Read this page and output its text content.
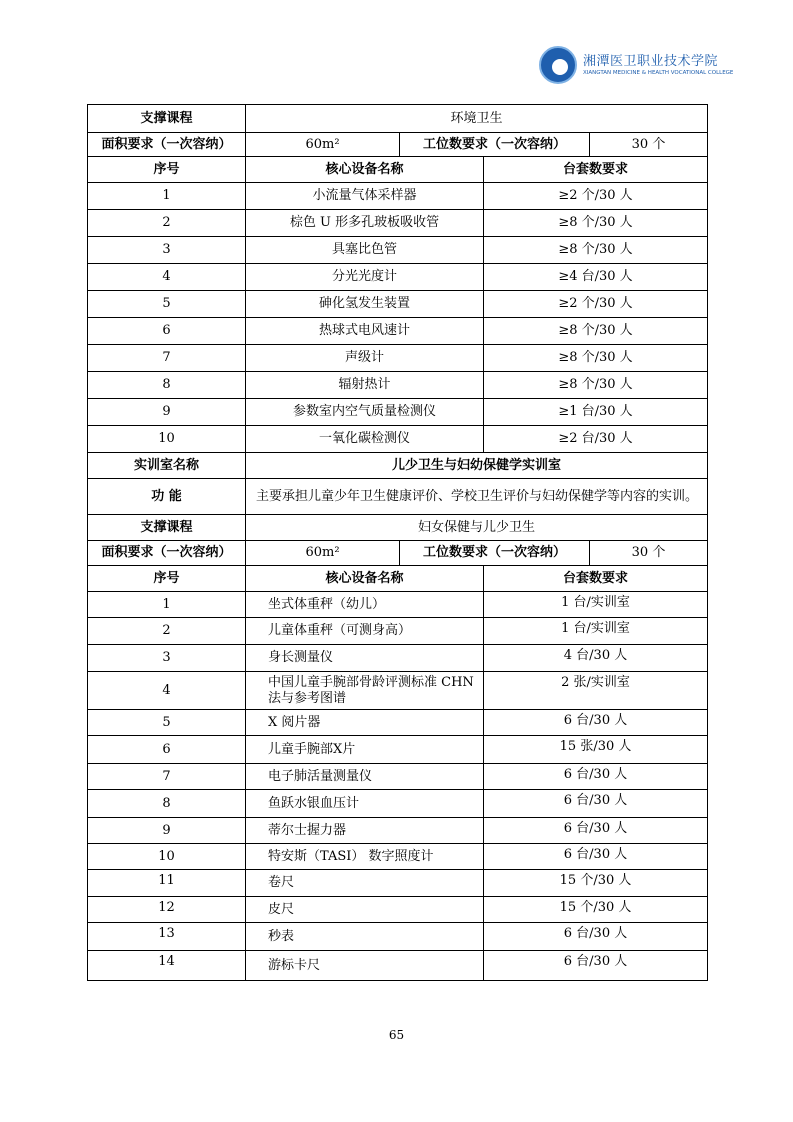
湘潭医卫职业技术学院
XIANGTAN MEDICINE & HEALTH VOCATIONAL COLLEGE
支撑课程	环境卫生			
面积要求（一次容纳）	60m²	工位数要求（一次容纳）		30 个
序号	核心设备名称		台套数要求	
1	小流量气体采样器		≥2 个/30 人	
2	棕色 U 形多孔玻板吸收管		≥8 个/30 人	
3	具塞比色管		≥8 个/30 人	
4	分光光度计		≥4 台/30 人	
5	砷化氢发生装置		≥2 个/30 人	
6	热球式电风速计		≥8 个/30 人	
7	声级计		≥8 个/30 人	
8	辐射热计		≥8 个/30 人	
9	参数室内空气质量检测仪		≥1 台/30 人	
10	一氧化碳检测仪		≥2 台/30 人	
实训室名称	儿少卫生与妇幼保健学实训室			
功 能	主要承担儿童少年卫生健康评价、学校卫生评价与妇幼保健学等内容的实训。			
支撑课程	妇女保健与儿少卫生			
面积要求（一次容纳）	60m²	工位数要求（一次容纳）		30 个
序号	核心设备名称		台套数要求	
1	坐式体重秤（幼儿）		1 台/实训室	
2	儿童体重秤（可测身高）		1 台/实训室	
3	身长测量仪		4 台/30 人	
4	中国儿童手腕部骨龄评测标准 CHN 法与参考图谱		2 张/实训室	
5	X 阅片器		6 台/30 人	
6	儿童手腕部X片		15 张/30 人	
7	电子肺活量测量仪		6 台/30 人	
8	鱼跃水银血压计		6 台/30 人	
9	蒂尔士握力器		6 台/30 人	
10	特安斯（TASI） 数字照度计		6 台/30 人	
11	卷尺		15 个/30 人	
12	皮尺		15 个/30 人	
13	秒表		6 台/30 人	
14	游标卡尺		6 台/30 人	
65
